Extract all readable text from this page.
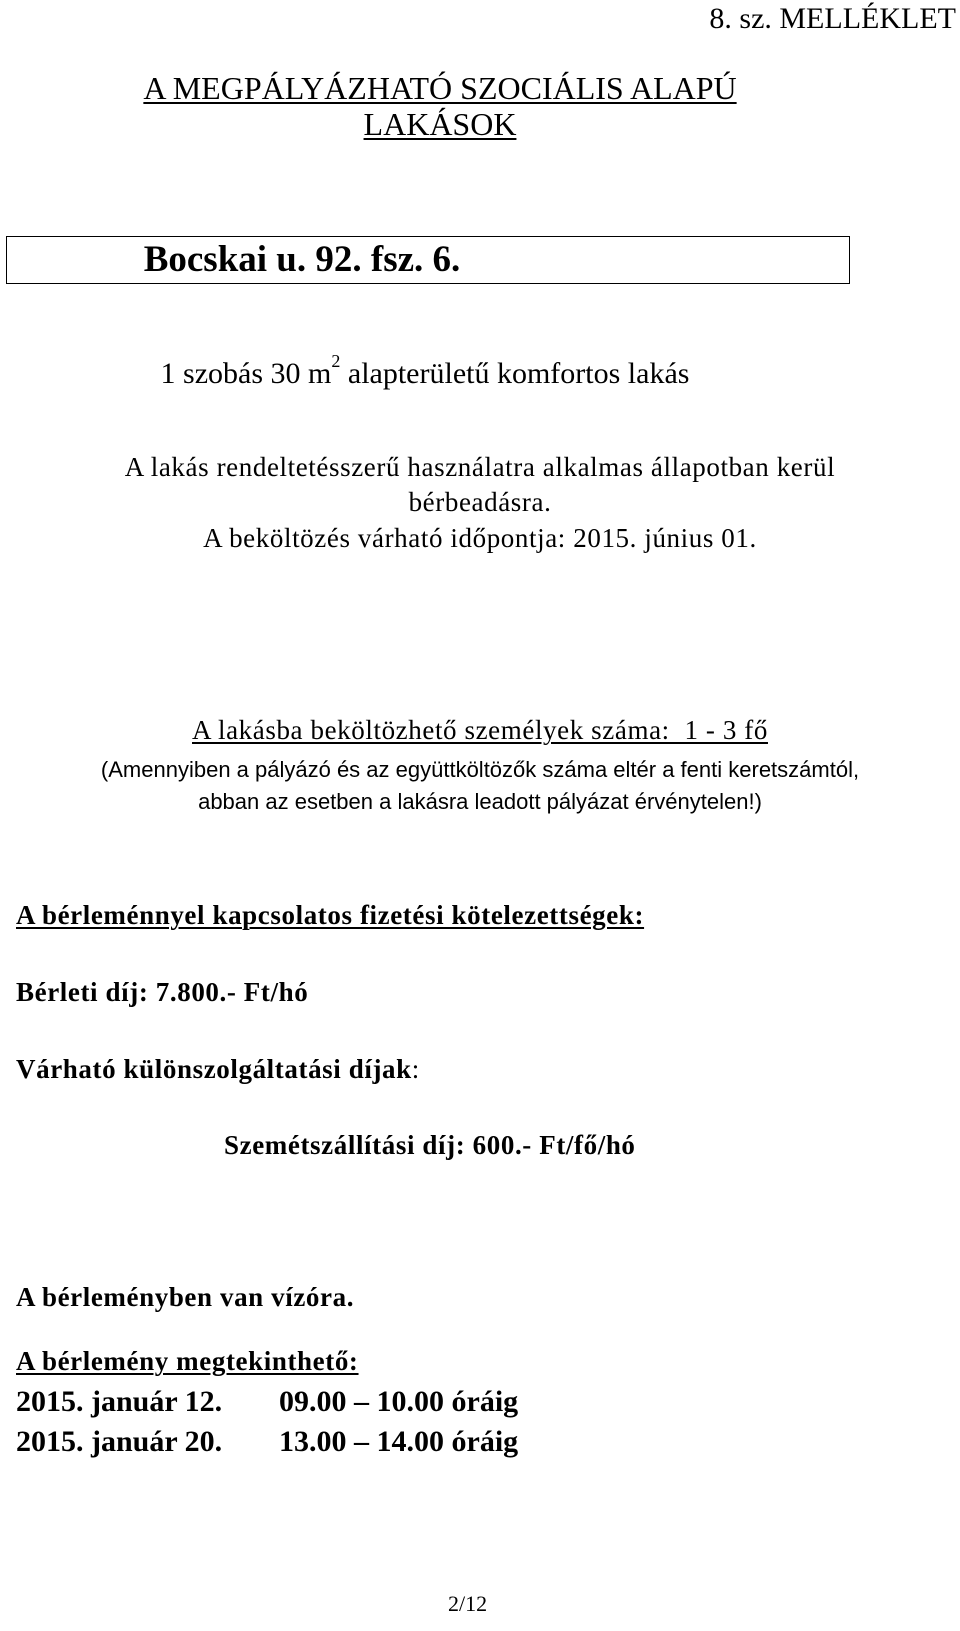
8. sz. MELLÉKLET
A MEGPÁLYÁZHATÓ SZOCIÁLIS ALAPÚ LAKÁSOK
Bocskai u. 92. fsz. 6.
1 szobás 30 $m^2$ alapterületű komfortos lakás
A lakás rendeltetésszerű használatra alkalmas állapotban kerül
bérbeadásra.
A beköltözés várható időpontja: 2015. június 01.
A lakásba beköltözhető személyek száma:  1 - 3 fő
(Amennyiben a pályázó és az együttköltözők száma eltér a fenti keretszámtól,
abban az esetben a lakásra leadott pályázat érvénytelen!)
A bérleménnyel kapcsolatos fizetési kötelezettségek:
Bérleti díj: 7.800.- Ft/hó
Várható különszolgáltatási díjak:
Szemétszállítási díj: 600.- Ft/fő/hó
A bérleményben van vízóra.
A bérlemény megtekinthető:
2015. január 12. 09.00 – 10.00 óráig
2015. január 20. 13.00 – 14.00 óráig
2/12
